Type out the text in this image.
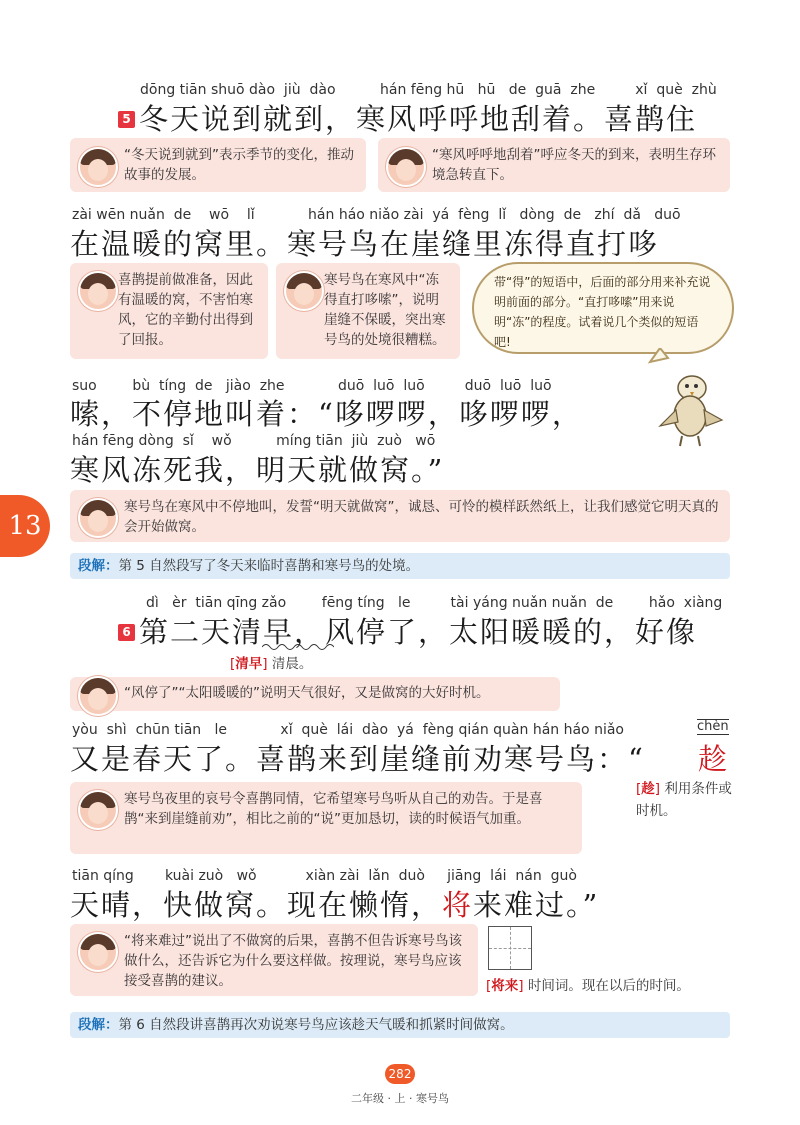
dōng tiān shuō dào  jiù  dào          hán fēng hū   hū   de  guā  zhe         xǐ  què  zhù
5 冬天说到就到，寒风呼呼地刮着。喜鹊住
“冬天说到就到”表示季节的变化，推动故事的发展。
“寒风呼呼地刮着”呼应冬天的到来，表明生存环境急转直下。
zài wēn nuǎn  de    wō    lǐ            hán háo niǎo zài  yá  fèng  lǐ   dòng  de   zhí  dǎ   duō
在温暖的窝里。寒号鸟在崖缝里冻得直打哆
喜鹊提前做准备，因此有温暖的窝，不害怕寒风，它的辛勤付出得到了回报。
寒号鸟在寒风中“冻得直打哆嗦”，说明崖缝不保暖，突出寒号鸟的处境很糟糕。
带“得”的短语中，后面的部分用来补充说明前面的部分。“直打哆嗦”用来说明“冻”的程度。试着说几个类似的短语吧!
suo        bù  tíng  de   jiào  zhe            duō  luō  luō         duō  luō  luō
嗦，不停地叫着：“哆啰啰，哆啰啰，
hán fēng dòng  sǐ    wǒ          míng tiān  jiù  zuò   wō
寒风冻死我，明天就做窝。”
13
寒号鸟在寒风中不停地叫，发誓“明天就做窝”，诚恳、可怜的模样跃然纸上，让我们感觉它明天真的会开始做窝。
段解：第 5 自然段写了冬天来临时喜鹊和寒号鸟的处境。
dì   èr  tiān qīng zǎo        fēng tíng   le         tài yáng nuǎn nuǎn  de        hǎo  xiàng
6 第二天清早，风停了，太阳暖暖的，好像
[清早] 清晨。
“风停了”“太阳暖暖的”说明天气很好，又是做窝的大好时机。
yòu  shì  chūn tiān   le            xǐ  què  lái  dào  yá  fèng qián quàn hán háo niǎo
又是春天了。喜鹊来到崖缝前劝寒号鸟：“
chèn
趁
[趁] 利用条件或时机。
寒号鸟夜里的哀号令喜鹊同情，它希望寒号鸟听从自己的劝告。于是喜鹊“来到崖缝前劝”，相比之前的“说”更加恳切，读的时候语气加重。
tiān qíng       kuài zuò   wǒ           xiàn zài  lǎn  duò     jiāng  lái  nán  guò
天晴，快做窝。现在懒惰，将来难过。”
“将来难过”说出了不做窝的后果，喜鹊不但告诉寒号鸟该做什么，还告诉它为什么要这样做。按理说，寒号鸟应该接受喜鹊的建议。	[将来] 时间词。现在以后的时间。
段解：第 6 自然段讲喜鹊再次劝说寒号鸟应该趁天气暖和抓紧时间做窝。
282
二年级 · 上 · 寒号鸟
